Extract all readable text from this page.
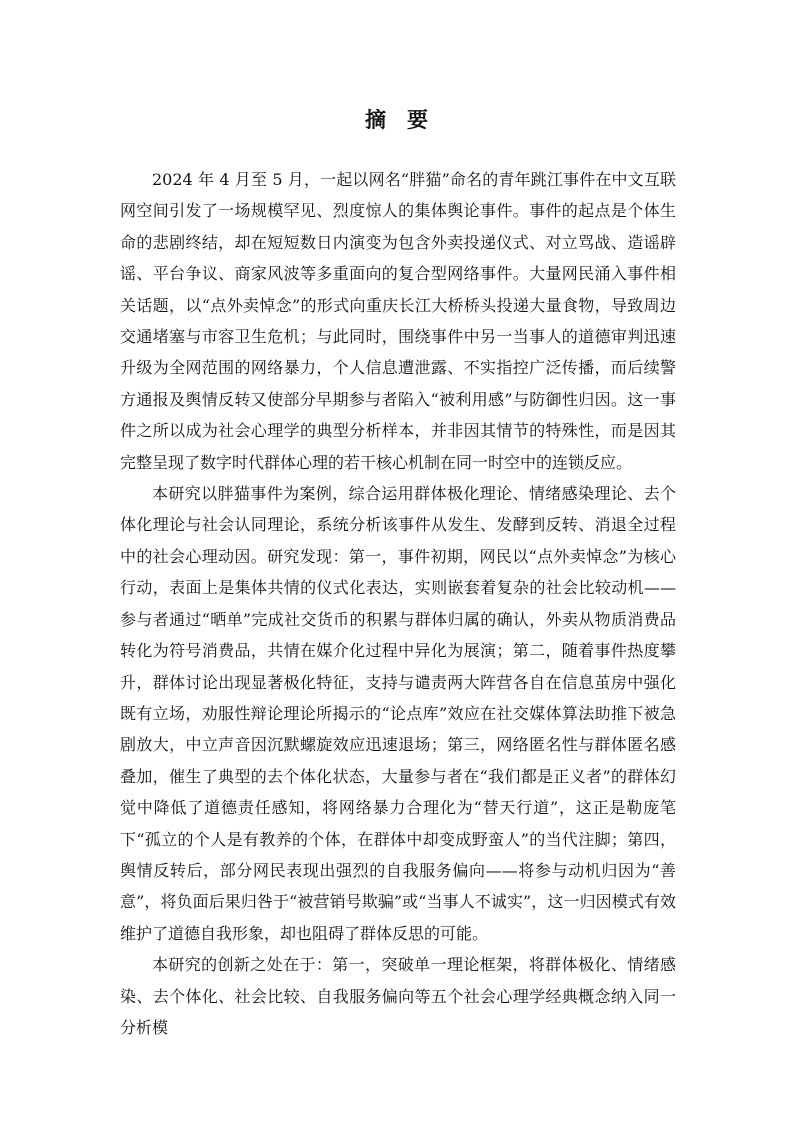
摘　要

2024 年 4 月至 5 月，一起以网名“胖猫”命名的青年跳江事件在中文互联网空间引发了一场规模罕见、烈度惊人的集体舆论事件。事件的起点是个体生命的悲剧终结，却在短短数日内演变为包含外卖投递仪式、对立骂战、造谣辟谣、平台争议、商家风波等多重面向的复合型网络事件。大量网民涌入事件相关话题，以“点外卖悼念”的形式向重庆长江大桥桥头投递大量食物，导致周边交通堵塞与市容卫生危机；与此同时，围绕事件中另一当事人的道德审判迅速升级为全网范围的网络暴力，个人信息遭泄露、不实指控广泛传播，而后续警方通报及舆情反转又使部分早期参与者陷入“被利用感”与防御性归因。这一事件之所以成为社会心理学的典型分析样本，并非因其情节的特殊性，而是因其完整呈现了数字时代群体心理的若干核心机制在同一时空中的连锁反应。

本研究以胖猫事件为案例，综合运用群体极化理论、情绪感染理论、去个体化理论与社会认同理论，系统分析该事件从发生、发酵到反转、消退全过程中的社会心理动因。研究发现：第一，事件初期，网民以“点外卖悼念”为核心行动，表面上是集体共情的仪式化表达，实则嵌套着复杂的社会比较动机——参与者通过“晒单”完成社交货币的积累与群体归属的确认，外卖从物质消费品转化为符号消费品，共情在媒介化过程中异化为展演；第二，随着事件热度攀升，群体讨论出现显著极化特征，支持与谴责两大阵营各自在信息茧房中强化既有立场，劝服性辩论理论所揭示的“论点库”效应在社交媒体算法助推下被急剧放大，中立声音因沉默螺旋效应迅速退场；第三，网络匿名性与群体匿名感叠加，催生了典型的去个体化状态，大量参与者在“我们都是正义者”的群体幻觉中降低了道德责任感知，将网络暴力合理化为“替天行道”，这正是勒庞笔下“孤立的个人是有教养的个体，在群体中却变成野蛮人”的当代注脚；第四，舆情反转后，部分网民表现出强烈的自我服务偏向——将参与动机归因为“善意”，将负面后果归咎于“被营销号欺骗”或“当事人不诚实”，这一归因模式有效维护了道德自我形象，却也阻碍了群体反思的可能。

本研究的创新之处在于：第一，突破单一理论框架，将群体极化、情绪感染、去个体化、社会比较、自我服务偏向等五个社会心理学经典概念纳入同一分析模
